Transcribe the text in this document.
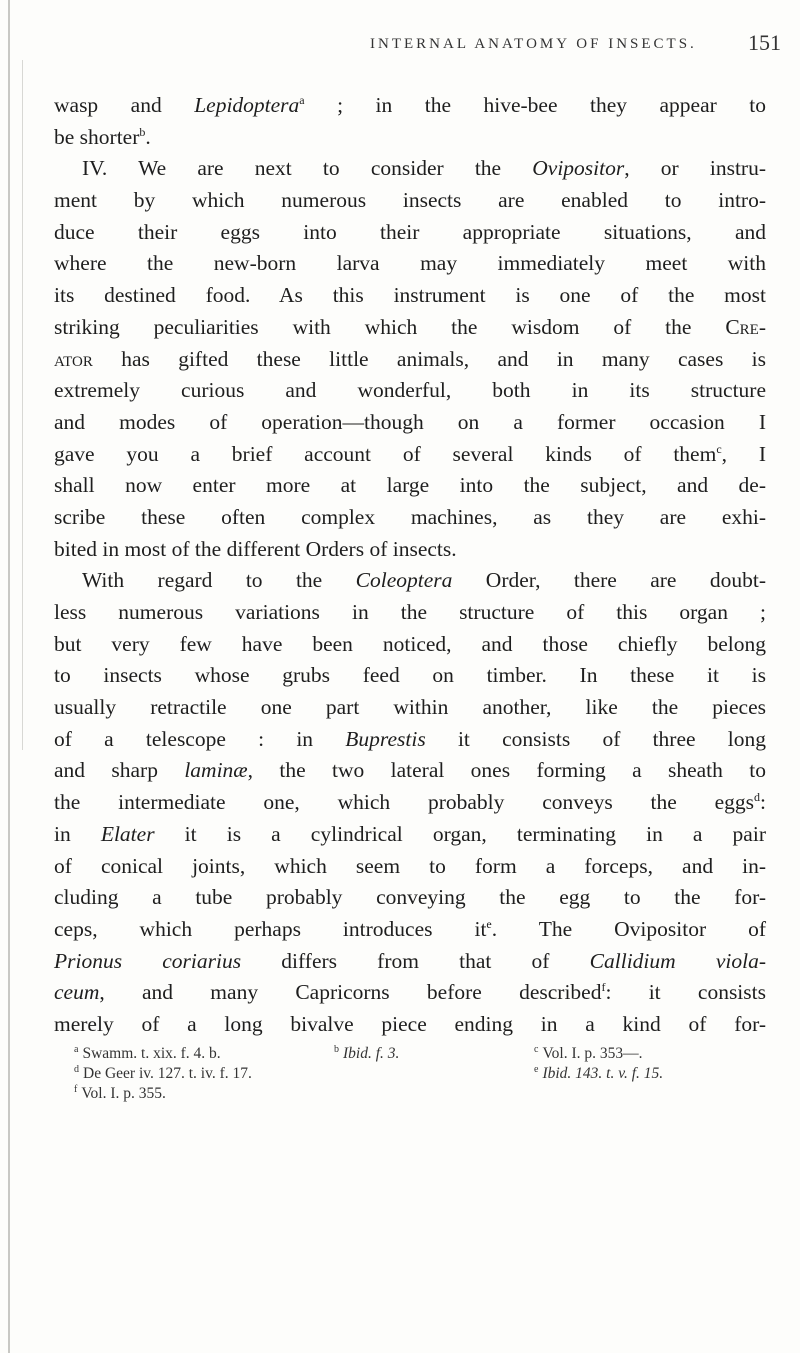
INTERNAL ANATOMY OF INSECTS. 151
wasp and Lepidoptera$^a$ ; in the hive-bee they appear to
be shorter$^b$.
IV. We are next to consider the Ovipositor, or instru-
ment by which numerous insects are enabled to intro-
duce their eggs into their appropriate situations, and
where the new-born larva may immediately meet with
its destined food. As this instrument is one of the most
striking peculiarities with which the wisdom of the Cre-
ator has gifted these little animals, and in many cases is
extremely curious and wonderful, both in its structure
and modes of operation—though on a former occasion I
gave you a brief account of several kinds of them$^c$, I
shall now enter more at large into the subject, and de-
scribe these often complex machines, as they are exhi-
bited in most of the different Orders of insects.
With regard to the Coleoptera Order, there are doubt-
less numerous variations in the structure of this organ ;
but very few have been noticed, and those chiefly belong
to insects whose grubs feed on timber. In these it is
usually retractile one part within another, like the pieces
of a telescope : in Buprestis it consists of three long
and sharp laminæ, the two lateral ones forming a sheath to
the intermediate one, which probably conveys the eggs$^d$:
in Elater it is a cylindrical organ, terminating in a pair
of conical joints, which seem to form a forceps, and in-
cluding a tube probably conveying the egg to the for-
ceps, which perhaps introduces $it^e$. The Ovipositor of
Prionus coriarius differs from that of Callidium viola-
ceum, and many Capricorns before described$^f$: it consists
merely of a long bivalve piece ending in a kind of for-
$^a$ Swamm. t. xix. f. 4. b.	$^b$ Ibid. f. 3.	$^c$ Vol. I. p. 353—.
$^d$ De Geer iv. 127. t. iv. f. 17.	$^e$ Ibid. 143. t. v. f. 15.
$^f$ Vol. I. p. 355.
